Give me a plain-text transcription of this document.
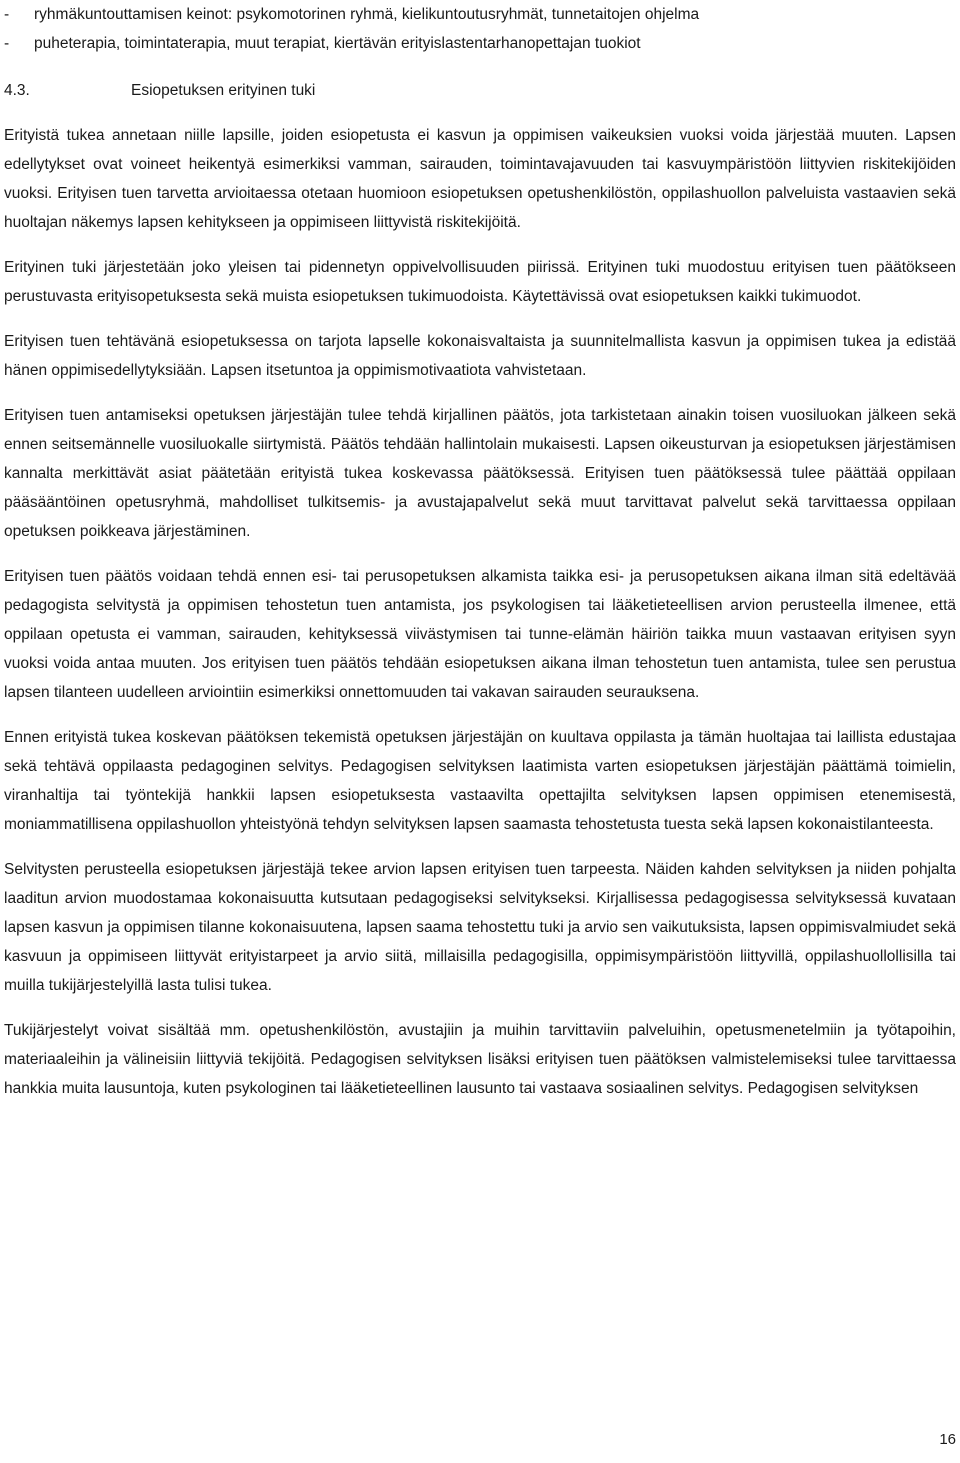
- ryhmäkuntouttamisen keinot: psykomotorinen ryhmä, kielikuntoutusryhmät, tunnetaitojen ohjelma
- puheterapia, toimintaterapia, muut terapiat, kiertävän erityislastentarhanopettajan tuokiot
4.3.	Esiopetuksen erityinen tuki

Erityistä tukea annetaan niille lapsille, joiden esiopetusta ei kasvun ja oppimisen vaikeuksien vuoksi voida järjestää muuten. Lapsen edellytykset ovat voineet heikentyä esimerkiksi vamman, sairauden, toimintavajavuuden tai kasvuympäristöön liittyvien riskitekijöiden vuoksi. Erityisen tuen tarvetta arvioitaessa otetaan huomioon esiopetuksen opetushenkilöstön, oppilashuollon palveluista vastaavien sekä huoltajan näkemys lapsen kehitykseen ja oppimiseen liittyvistä riskitekijöitä.

Erityinen tuki järjestetään joko yleisen tai pidennetyn oppivelvollisuuden piirissä. Erityinen tuki muodostuu erityisen tuen päätökseen perustuvasta erityisopetuksesta sekä muista esiopetuksen tukimuodoista. Käytettävissä ovat esiopetuksen kaikki tukimuodot.

Erityisen tuen tehtävänä esiopetuksessa on tarjota lapselle kokonaisvaltaista ja suunnitelmallista kasvun ja oppimisen tukea ja edistää hänen oppimisedellytyksiään. Lapsen itsetuntoa ja oppimismotivaatiota vahvistetaan.

Erityisen tuen antamiseksi opetuksen järjestäjän tulee tehdä kirjallinen päätös, jota tarkistetaan ainakin toisen vuosiluokan jälkeen sekä ennen seitsemännelle vuosiluokalle siirtymistä. Päätös tehdään hallintolain mukaisesti. Lapsen oikeusturvan ja esiopetuksen järjestämisen kannalta merkittävät asiat päätetään erityistä tukea koskevassa päätöksessä. Erityisen tuen päätöksessä tulee päättää oppilaan pääsääntöinen opetusryhmä, mahdolliset tulkitsemis- ja avustajapalvelut sekä muut tarvittavat palvelut sekä tarvittaessa oppilaan opetuksen poikkeava järjestäminen.

Erityisen tuen päätös voidaan tehdä ennen esi- tai perusopetuksen alkamista taikka esi- ja perusopetuksen aikana ilman sitä edeltävää pedagogista selvitystä ja oppimisen tehostetun tuen antamista, jos psykologisen tai lääketieteellisen arvion perusteella ilmenee, että oppilaan opetusta ei vamman, sairauden, kehityksessä viivästymisen tai tunne-elämän häiriön taikka muun vastaavan erityisen syyn vuoksi voida antaa muuten. Jos erityisen tuen päätös tehdään esiopetuksen aikana ilman tehostetun tuen antamista, tulee sen perustua lapsen tilanteen uudelleen arviointiin esimerkiksi onnettomuuden tai vakavan sairauden seurauksena.

Ennen erityistä tukea koskevan päätöksen tekemistä opetuksen järjestäjän on kuultava oppilasta ja tämän huoltajaa tai laillista edustajaa sekä tehtävä oppilaasta pedagoginen selvitys. Pedagogisen selvityksen laatimista varten esiopetuksen järjestäjän päättämä toimielin, viranhaltija tai työntekijä hankkii lapsen esiopetuksesta vastaavilta opettajilta selvityksen lapsen oppimisen etenemisestä, moniammatillisena oppilashuollon yhteistyönä tehdyn selvityksen lapsen saamasta tehostetusta tuesta sekä lapsen kokonaistilanteesta.

Selvitysten perusteella esiopetuksen järjestäjä tekee arvion lapsen erityisen tuen tarpeesta. Näiden kahden selvityksen ja niiden pohjalta laaditun arvion muodostamaa kokonaisuutta kutsutaan pedagogiseksi selvitykseksi. Kirjallisessa pedagogisessa selvityksessä kuvataan lapsen kasvun ja oppimisen tilanne kokonaisuutena, lapsen saama tehostettu tuki ja arvio sen vaikutuksista, lapsen oppimisvalmiudet sekä kasvuun ja oppimiseen liittyvät erityistarpeet ja arvio siitä, millaisilla pedagogisilla, oppimisympäristöön liittyvillä, oppilashuollollisilla tai muilla tukijärjestelyillä lasta tulisi tukea.

Tukijärjestelyt voivat sisältää mm. opetushenkilöstön, avustajiin ja muihin tarvittaviin palveluihin, opetusmenetelmiin ja työtapoihin, materiaaleihin ja välineisiin liittyviä tekijöitä. Pedagogisen selvityksen lisäksi erityisen tuen päätöksen valmistelemiseksi tulee tarvittaessa hankkia muita lausuntoja, kuten psykologinen tai lääketieteellinen lausunto tai vastaava sosiaalinen selvitys. Pedagogisen selvityksen

16
